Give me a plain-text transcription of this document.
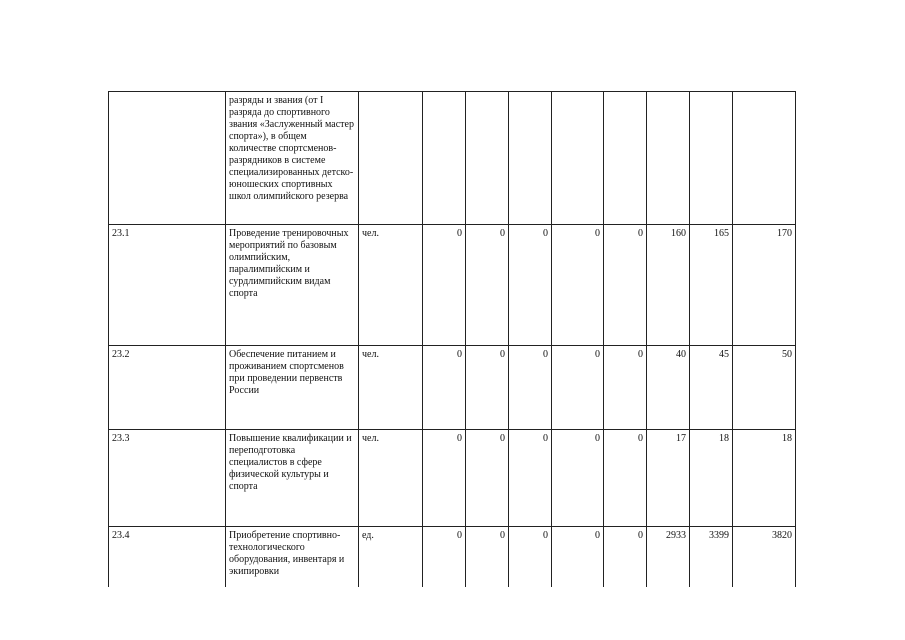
	разряды и звания (от I разряда до спортивного звания «Заслуженный мастер спорта»), в общем количестве спортсменов-разрядников в системе специализированных детско-юношеских спортивных школ олимпийского резерва									
23.1	Проведение тренировочных мероприятий по базовым олимпийским, паралимпийским и сурдлимпийским видам спорта	чел.	0	0	0	0	0	160	165	170
23.2	Обеспечение питанием и проживанием спортсменов при проведении первенств России	чел.	0	0	0	0	0	40	45	50
23.3	Повышение квалификации и переподготовка специалистов в сфере физической культуры и спорта	чел.	0	0	0	0	0	17	18	18
23.4	Приобретение спортивно-технологического оборудования, инвентаря и экипировки	ед.	0	0	0	0	0	2933	3399	3820
